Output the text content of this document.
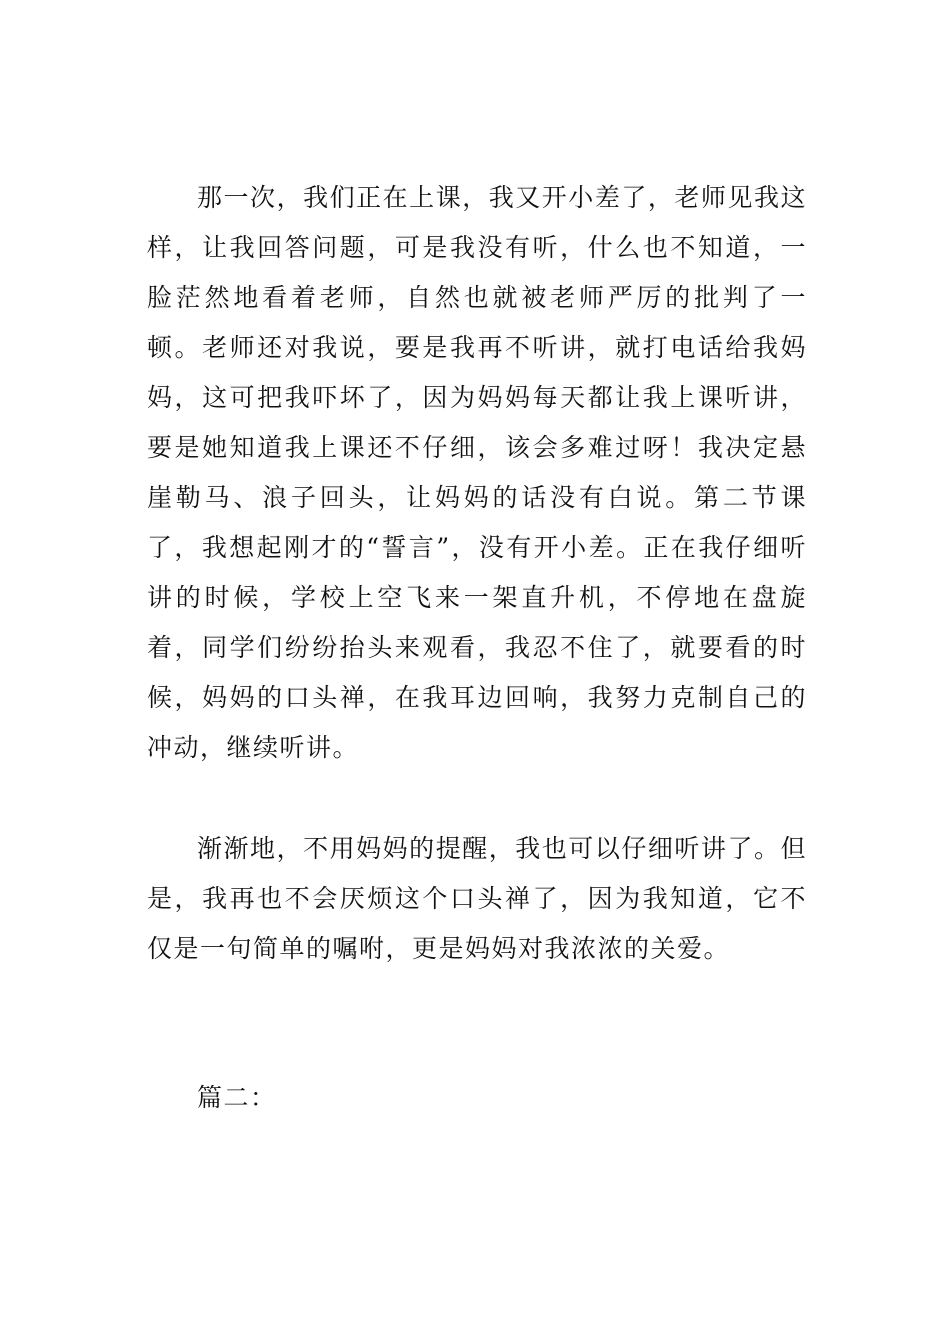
那一次，我们正在上课，我又开小差了，老师见我这样，让我回答问题，可是我没有听，什么也不知道，一脸茫然地看着老师，自然也就被老师严厉的批判了一顿。老师还对我说，要是我再不听讲，就打电话给我妈妈，这可把我吓坏了，因为妈妈每天都让我上课听讲，要是她知道我上课还不仔细，该会多难过呀！我决定悬崖勒马、浪子回头，让妈妈的话没有白说。第二节课了，我想起刚才的“誓言”，没有开小差。正在我仔细听讲的时候，学校上空飞来一架直升机，不停地在盘旋着，同学们纷纷抬头来观看，我忍不住了，就要看的时候，妈妈的口头禅，在我耳边回响，我努力克制自己的冲动，继续听讲。

渐渐地，不用妈妈的提醒，我也可以仔细听讲了。但是，我再也不会厌烦这个口头禅了，因为我知道，它不仅是一句简单的嘱咐，更是妈妈对我浓浓的关爱。

篇二：
